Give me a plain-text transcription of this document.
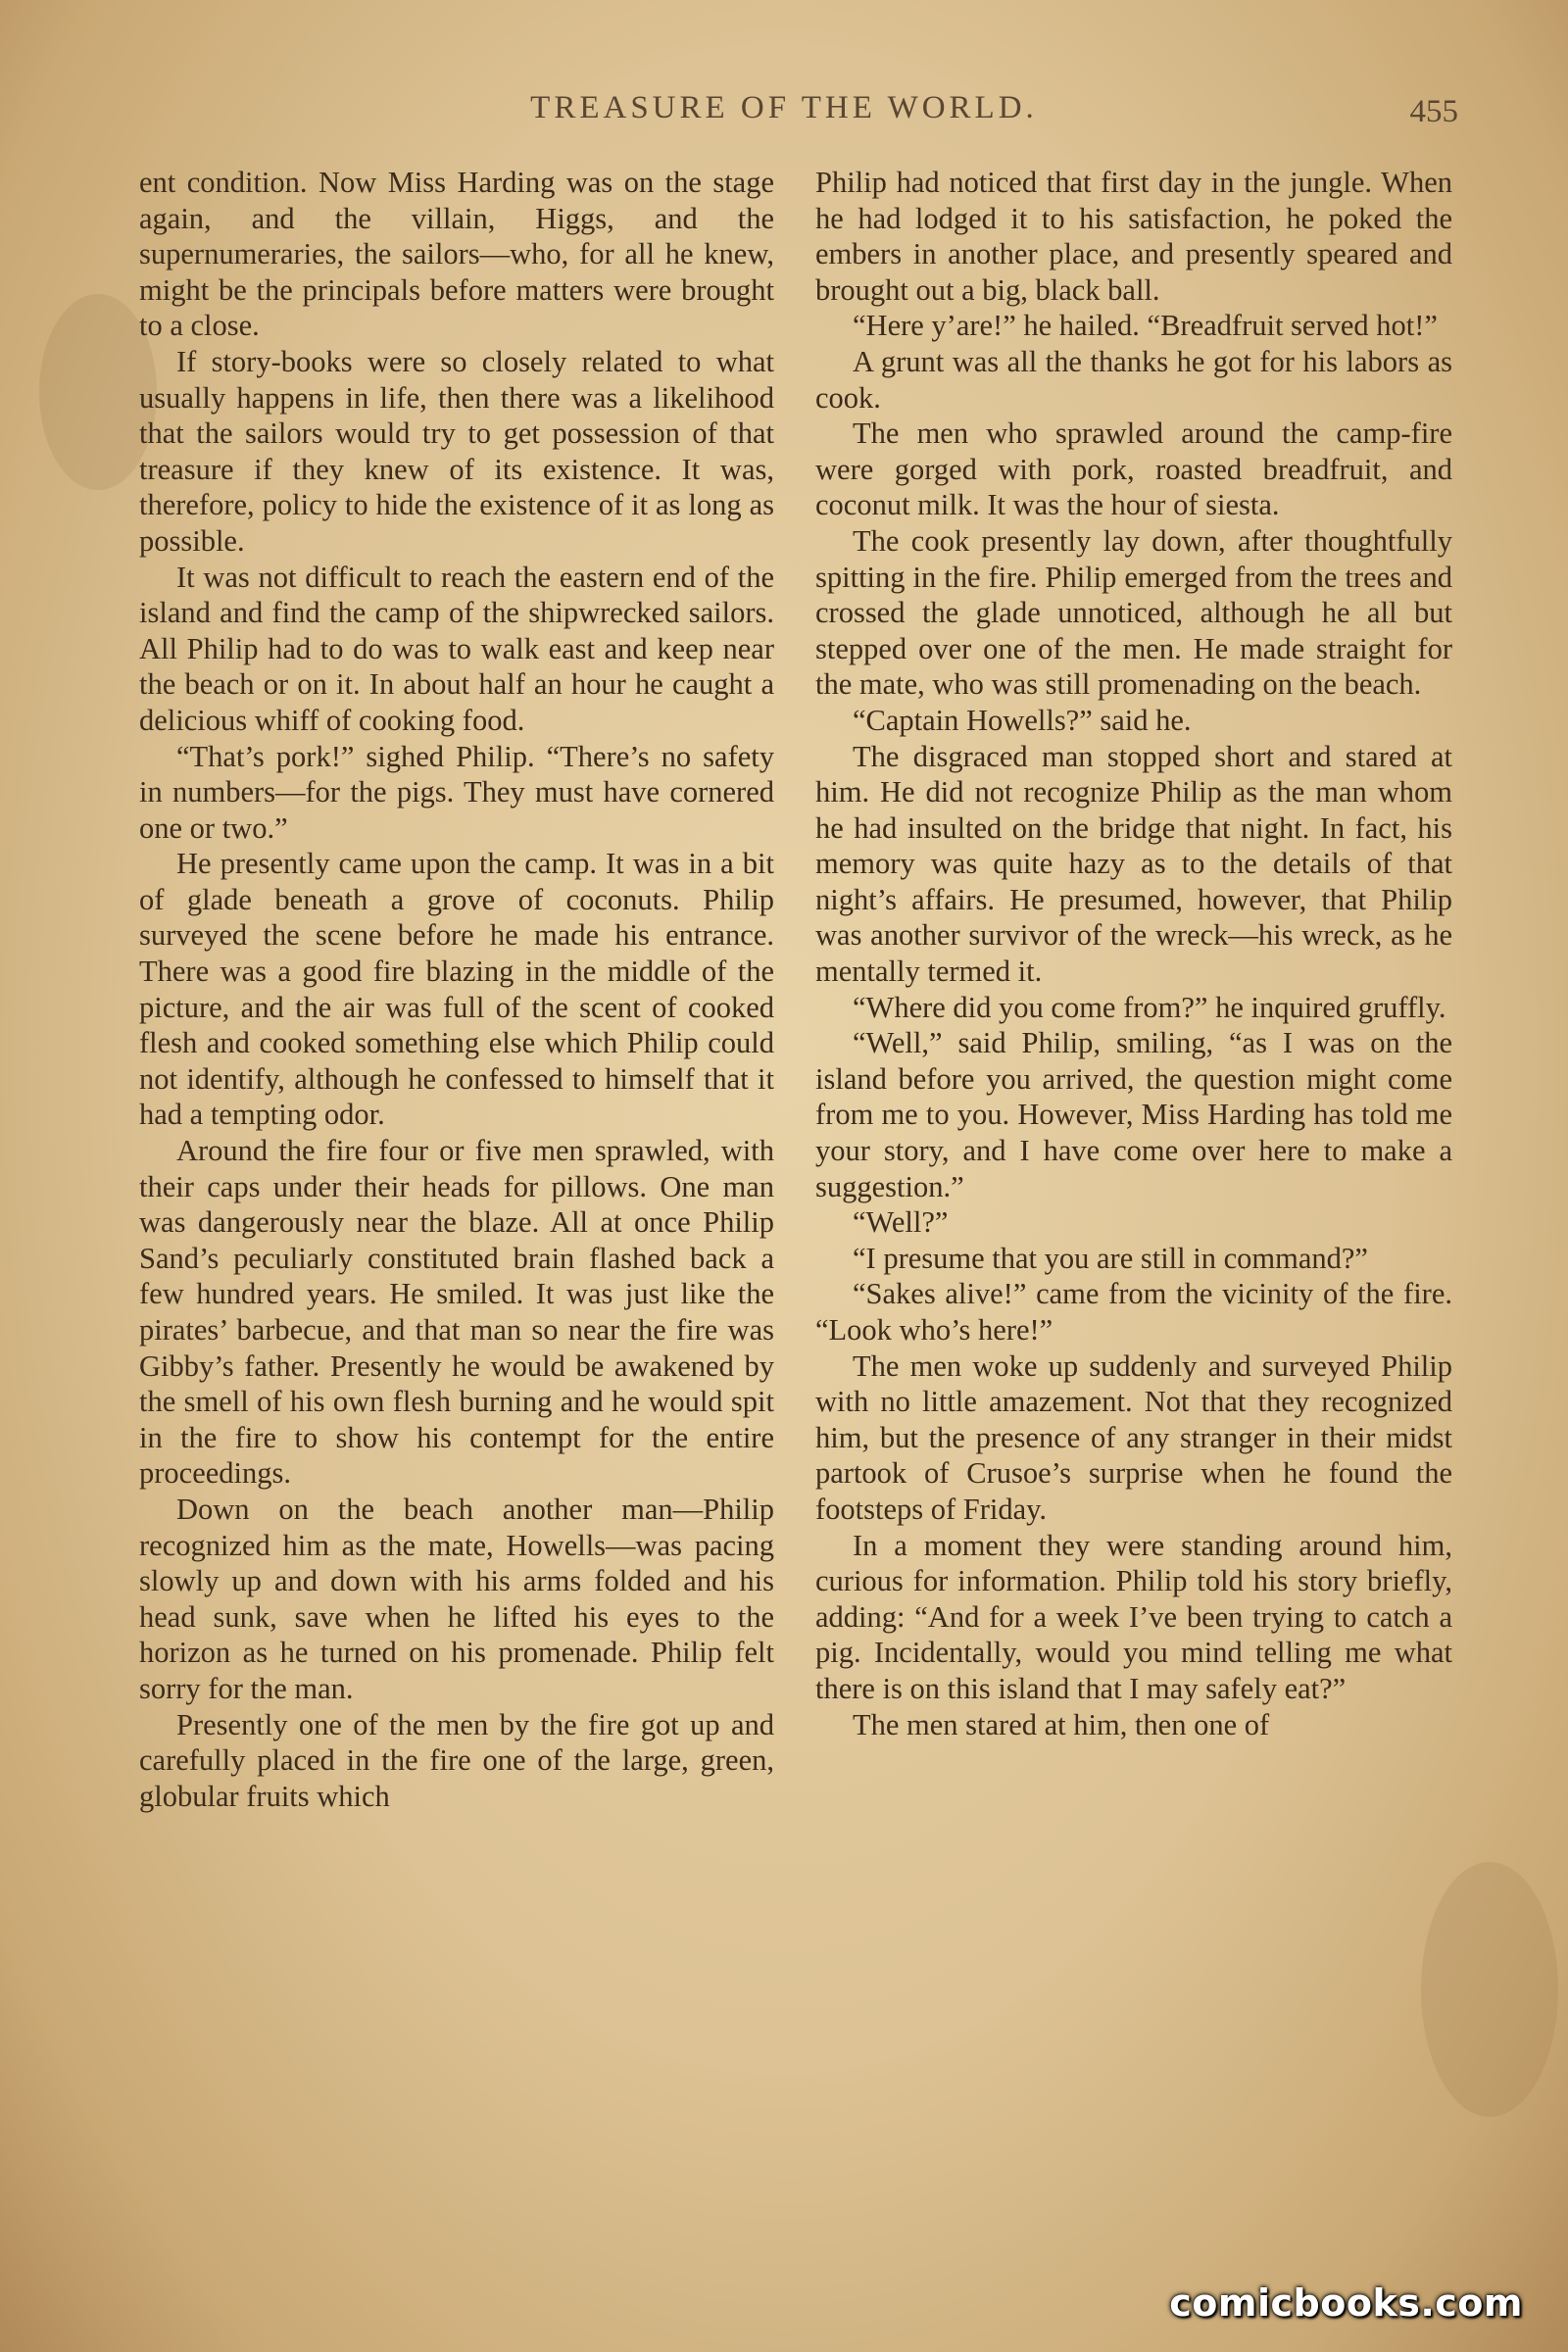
TREASURE OF THE WORLD.	455

ent condition. Now Miss Harding was on the stage again, and the villain, Higgs, and the supernumeraries, the sailors—who, for all he knew, might be the principals before matters were brought to a close.

If story-books were so closely related to what usually happens in life, then there was a likelihood that the sailors would try to get possession of that treasure if they knew of its existence. It was, therefore, policy to hide the existence of it as long as possible.

It was not difficult to reach the eastern end of the island and find the camp of the shipwrecked sailors. All Philip had to do was to walk east and keep near the beach or on it. In about half an hour he caught a delicious whiff of cooking food.

“That’s pork!” sighed Philip. “There’s no safety in numbers—for the pigs. They must have cornered one or two.”

He presently came upon the camp. It was in a bit of glade beneath a grove of coconuts. Philip surveyed the scene before he made his entrance. There was a good fire blazing in the middle of the picture, and the air was full of the scent of cooked flesh and cooked something else which Philip could not identify, although he confessed to himself that it had a tempting odor.

Around the fire four or five men sprawled, with their caps under their heads for pillows. One man was dangerously near the blaze. All at once Philip Sand’s peculiarly constituted brain flashed back a few hundred years. He smiled. It was just like the pirates’ barbecue, and that man so near the fire was Gibby’s father. Presently he would be awakened by the smell of his own flesh burning and he would spit in the fire to show his contempt for the entire proceedings.

Down on the beach another man—Philip recognized him as the mate, Howells—was pacing slowly up and down with his arms folded and his head sunk, save when he lifted his eyes to the horizon as he turned on his promenade. Philip felt sorry for the man.

Presently one of the men by the fire got up and carefully placed in the fire one of the large, green, globular fruits which

Philip had noticed that first day in the jungle. When he had lodged it to his satisfaction, he poked the embers in another place, and presently speared and brought out a big, black ball.

“Here y’are!” he hailed. “Breadfruit served hot!”

A grunt was all the thanks he got for his labors as cook.

The men who sprawled around the camp-fire were gorged with pork, roasted breadfruit, and coconut milk. It was the hour of siesta.

The cook presently lay down, after thoughtfully spitting in the fire. Philip emerged from the trees and crossed the glade unnoticed, although he all but stepped over one of the men. He made straight for the mate, who was still promenading on the beach.

“Captain Howells?” said he.

The disgraced man stopped short and stared at him. He did not recognize Philip as the man whom he had insulted on the bridge that night. In fact, his memory was quite hazy as to the details of that night’s affairs. He presumed, however, that Philip was another survivor of the wreck—his wreck, as he mentally termed it.

“Where did you come from?” he inquired gruffly.

“Well,” said Philip, smiling, “as I was on the island before you arrived, the question might come from me to you. However, Miss Harding has told me your story, and I have come over here to make a suggestion.”

“Well?”

“I presume that you are still in command?”

“Sakes alive!” came from the vicinity of the fire. “Look who’s here!”

The men woke up suddenly and surveyed Philip with no little amazement. Not that they recognized him, but the presence of any stranger in their midst partook of Crusoe’s surprise when he found the footsteps of Friday.

In a moment they were standing around him, curious for information. Philip told his story briefly, adding: “And for a week I’ve been trying to catch a pig. Incidentally, would you mind telling me what there is on this island that I may safely eat?”

The men stared at him, then one of

comicbooks.com
